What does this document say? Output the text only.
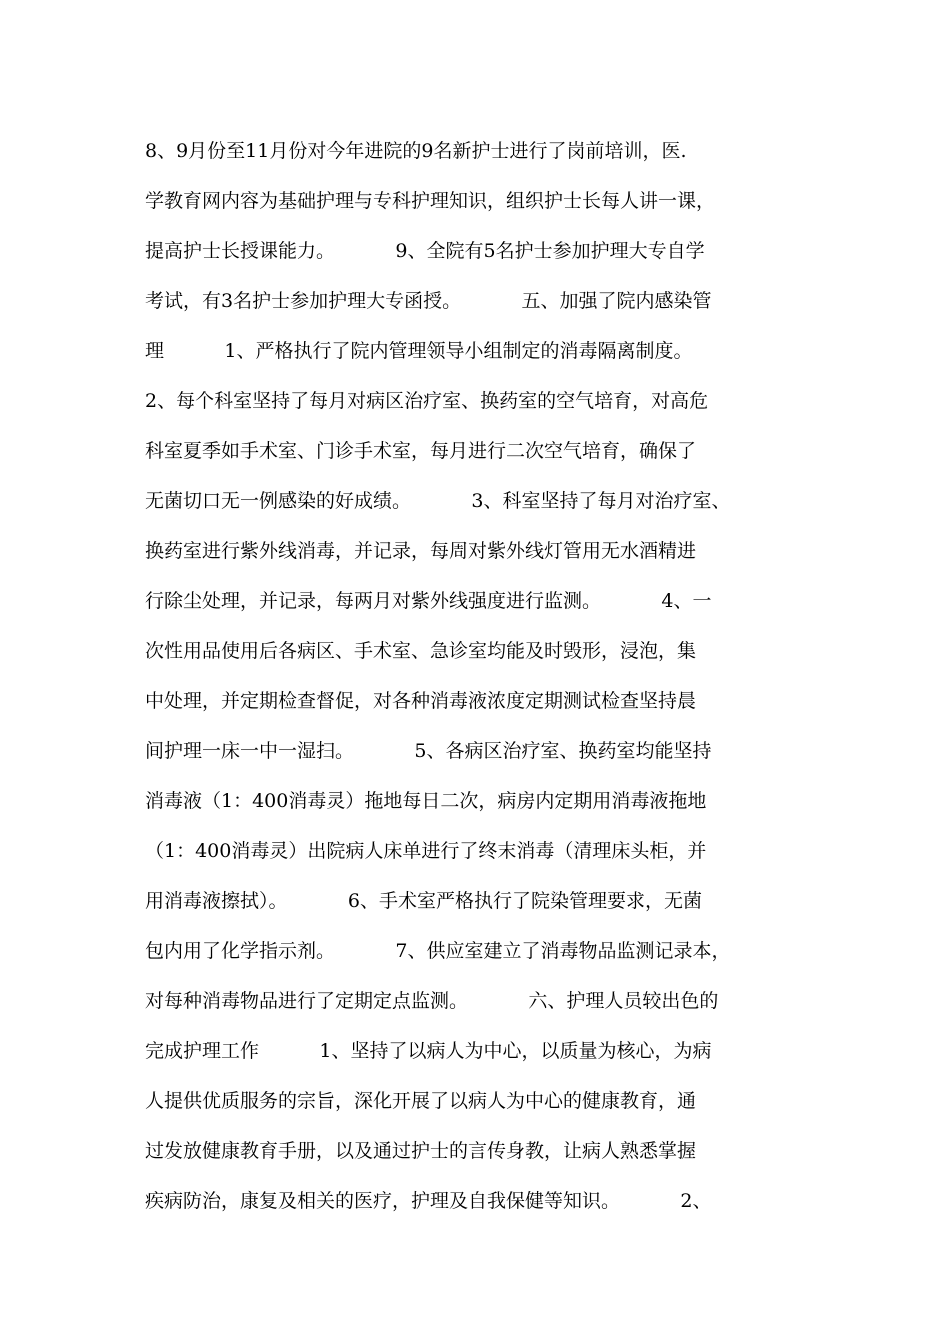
8、9月份至11月份对今年进院的9名新护士进行了岗前培训，医.
学教育网内容为基础护理与专科护理知识，组织护士长每人讲一课，
提高护士长授课能力。          9、全院有5名护士参加护理大专自学
考试，有3名护士参加护理大专函授。          五、加强了院内感染管
理          1、严格执行了院内管理领导小组制定的消毒隔离制度。
2、每个科室坚持了每月对病区治疗室、换药室的空气培育，对高危
科室夏季如手术室、门诊手术室，每月进行二次空气培育，确保了
无菌切口无一例感染的好成绩。          3、科室坚持了每月对治疗室、
换药室进行紫外线消毒，并记录，每周对紫外线灯管用无水酒精进
行除尘处理，并记录，每两月对紫外线强度进行监测。          4、一
次性用品使用后各病区、手术室、急诊室均能及时毁形，浸泡，集
中处理，并定期检查督促，对各种消毒液浓度定期测试检查坚持晨
间护理一床一中一湿扫。          5、各病区治疗室、换药室均能坚持
消毒液（1：400消毒灵）拖地每日二次，病房内定期用消毒液拖地
（1：400消毒灵）出院病人床单进行了终末消毒（清理床头柜，并
用消毒液擦拭）。          6、手术室严格执行了院染管理要求，无菌
包内用了化学指示剂。          7、供应室建立了消毒物品监测记录本，
对每种消毒物品进行了定期定点监测。          六、护理人员较出色的
完成护理工作          1、坚持了以病人为中心，以质量为核心，为病
人提供优质服务的宗旨，深化开展了以病人为中心的健康教育，通
过发放健康教育手册，以及通过护士的言传身教，让病人熟悉掌握
疾病防治，康复及相关的医疗，护理及自我保健等知识。          2、
